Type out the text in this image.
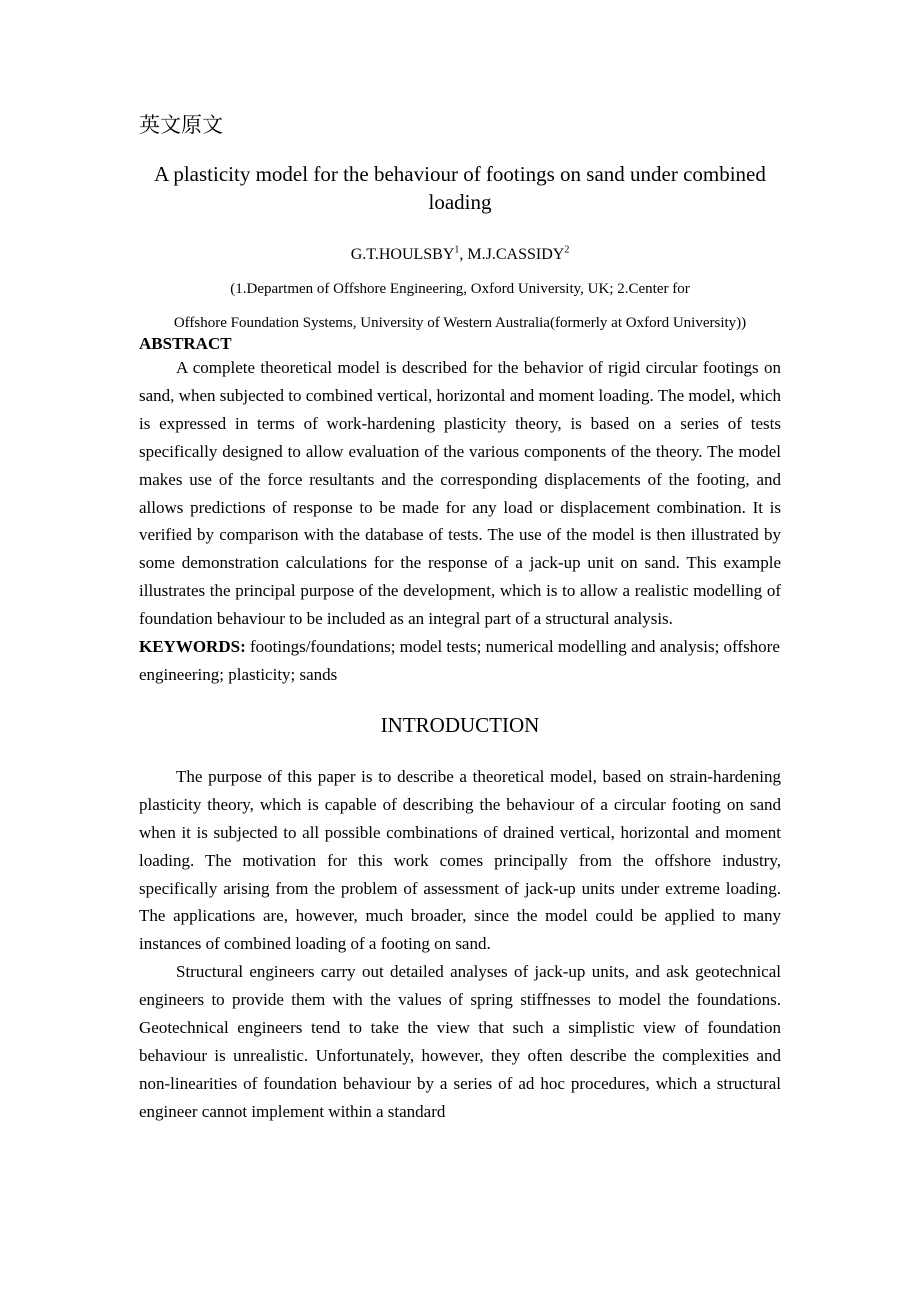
英文原文
A plasticity model for the behaviour of footings on sand under combined loading
G.T.HOULSBY$^1$, M.J.CASSIDY$^2$
(1.Departmen of Offshore Engineering, Oxford University, UK; 2.Center for
Offshore Foundation Systems, University of Western Australia(formerly at Oxford University))
ABSTRACT

A complete theoretical model is described for the behavior of rigid circular footings on sand, when subjected to combined vertical, horizontal and moment loading. The model, which is expressed in terms of work-hardening plasticity theory, is based on a series of tests specifically designed to allow evaluation of the various components of the theory. The model makes use of the force resultants and the corresponding displacements of the footing, and allows predictions of response to be made for any load or displacement combination. It is verified by comparison with the database of tests. The use of the model is then illustrated by some demonstration calculations for the response of a jack-up unit on sand. This example illustrates the principal purpose of the development, which is to allow a realistic modelling of foundation behaviour to be included as an integral part of a structural analysis.

KEYWORDS: footings/foundations; model tests; numerical modelling and analysis; offshore engineering; plasticity; sands

INTRODUCTION

The purpose of this paper is to describe a theoretical model, based on strain-hardening plasticity theory, which is capable of describing the behaviour of a circular footing on sand when it is subjected to all possible combinations of drained vertical, horizontal and moment loading. The motivation for this work comes principally from the offshore industry, specifically arising from the problem of assessment of jack-up units under extreme loading. The applications are, however, much broader, since the model could be applied to many instances of combined loading of a footing on sand.

Structural engineers carry out detailed analyses of jack-up units, and ask geotechnical engineers to provide them with the values of spring stiffnesses to model the foundations. Geotechnical engineers tend to take the view that such a simplistic view of foundation behaviour is unrealistic. Unfortunately, however, they often describe the complexities and non-linearities of foundation behaviour by a series of ad hoc procedures, which a structural engineer cannot implement within a standard
